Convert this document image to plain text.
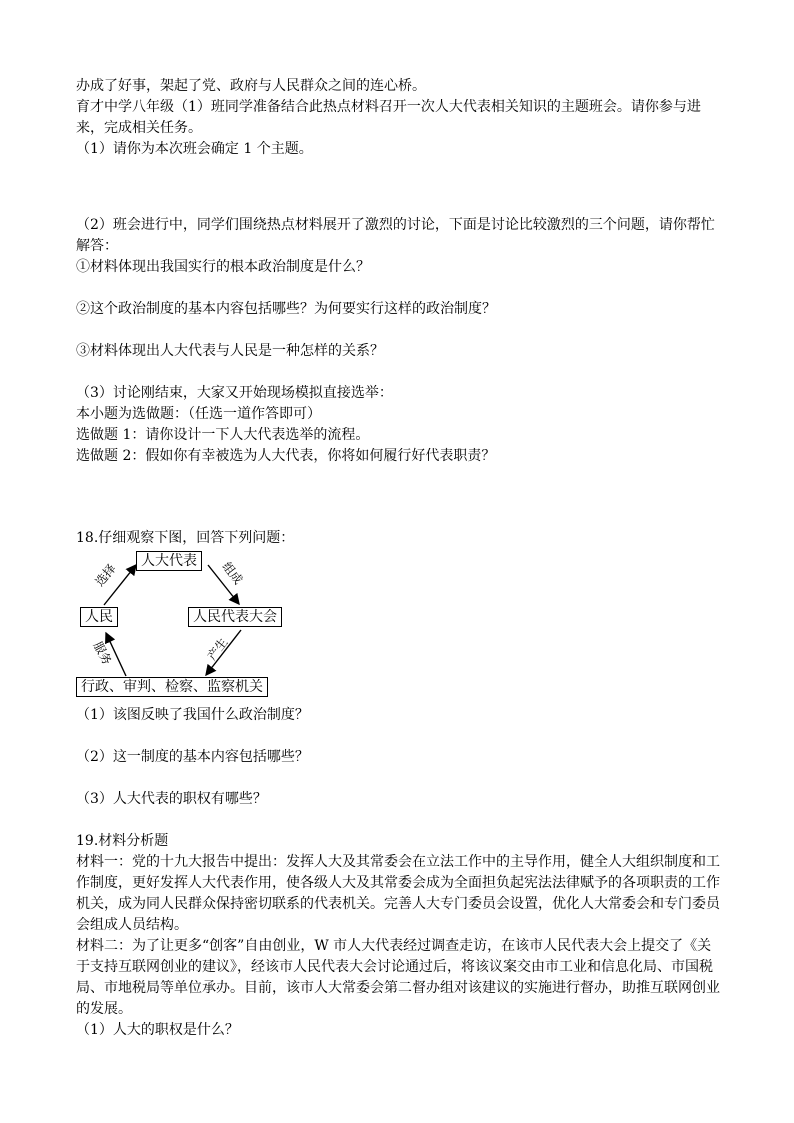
办成了好事，架起了党、政府与人民群众之间的连心桥。
育才中学八年级（1）班同学准备结合此热点材料召开一次人大代表相关知识的主题班会。请你参与进来，完成相关任务。
（1）请你为本次班会确定 1 个主题。
（2）班会进行中，同学们围绕热点材料展开了激烈的讨论，下面是讨论比较激烈的三个问题，请你帮忙解答：
①材料体现出我国实行的根本政治制度是什么？
②这个政治制度的基本内容包括哪些？为何要实行这样的政治制度？
③材料体现出人大代表与人民是一种怎样的关系？
（3）讨论刚结束，大家又开始现场模拟直接选举：
本小题为选做题：（任选一道作答即可）
选做题 1：请你设计一下人大代表选举的流程。
选做题 2：假如你有幸被选为人大代表，你将如何履行好代表职责？
18.仔细观察下图，回答下列问题：
人大代表
人民	人民代表大会
行政、审判、检察、监察机关
选择	组成
服务	产生
（1）该图反映了我国什么政治制度？
（2）这一制度的基本内容包括哪些？
（3）人大代表的职权有哪些？
19.材料分析题
材料一：党的十九大报告中提出：发挥人大及其常委会在立法工作中的主导作用，健全人大组织制度和工作制度，更好发挥人大代表作用，使各级人大及其常委会成为全面担负起宪法法律赋予的各项职责的工作机关，成为同人民群众保持密切联系的代表机关。完善人大专门委员会设置，优化人大常委会和专门委员会组成人员结构。
材料二：为了让更多“创客”自由创业，W 市人大代表经过调查走访，在该市人民代表大会上提交了《关于支持互联网创业的建议》，经该市人民代表大会讨论通过后，将该议案交由市工业和信息化局、市国税局、市地税局等单位承办。目前，该市人大常委会第二督办组对该建议的实施进行督办，助推互联网创业的发展。
（1）人大的职权是什么？
